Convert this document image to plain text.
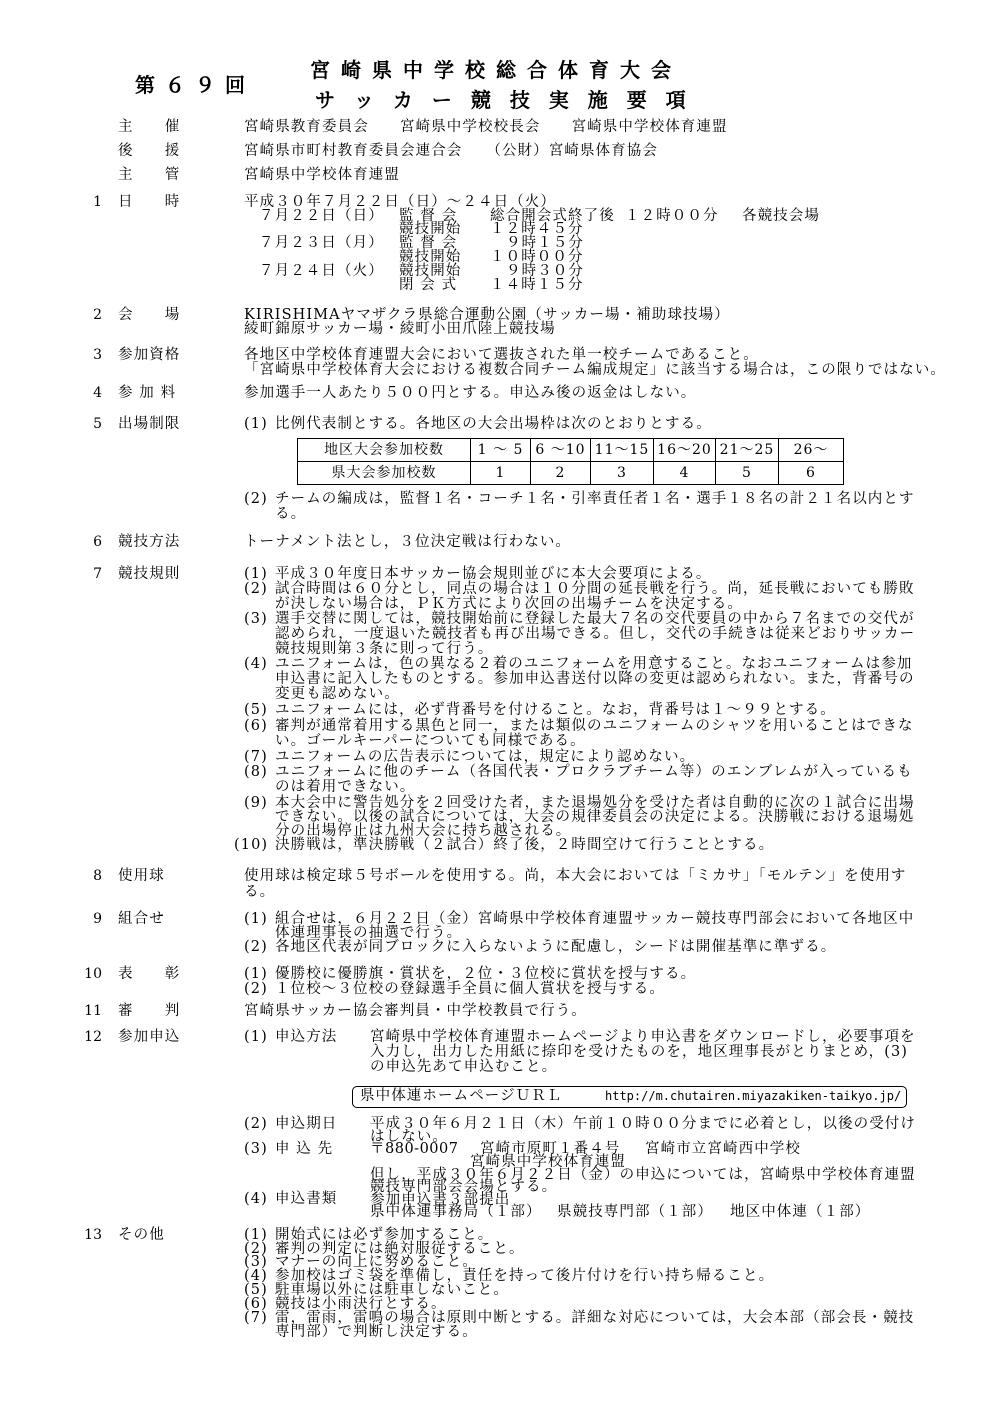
第６９回
宮崎県中学校総合体育大会
サ ッ カ ー 競 技 実 施 要 項
主　　催	宮崎県教育委員会　　宮崎県中学校校長会　　宮崎県中学校体育連盟
後　　援	宮崎県市町村教育委員会連合会　　（公財）宮崎県体育協会
主　　管	宮崎県中学校体育連盟
1 日　　時	平成３０年７月２２日（日）～２４日（火）
７月２２日（日） 監 督 会 総合開会式終了後 １２時００分 各競技会場
競技開始 １２時４５分
７月２３日（月） 監 督 会	９時１５分
競技開始 １０時００分
７月２４日（火） 競技開始	９時３０分
閉 会 式 １４時１５分
2 会　　場	KIRISHIMAヤマザクラ県総合運動公園（サッカー場・補助球技場）
綾町錦原サッカー場・綾町小田爪陸上競技場
3 参加資格	各地区中学校体育連盟大会において選抜された単一校チームであること。
「宮崎県中学校体育大会における複数合同チーム編成規定」に該当する場合は，この限りではない。
4 参 加 料	参加選手一人あたり５００円とする。申込み後の返金はしない。
5 出場制限	(1) 比例代表制とする。各地区の大会出場枠は次のとおりとする。
地区大会参加校数	1 ～ 5	6 ～10	11～15	16～20	21～25	26～
県大会参加校数	1	2	3	4	5	6
(2) チームの編成は，監督１名・コーチ１名・引率責任者１名・選手１８名の計２１名以内とす
る。
6 競技方法	トーナメント法とし，３位決定戦は行わない。
7 競技規則	(1) 平成３０年度日本サッカー協会規則並びに本大会要項による。
(2) 試合時間は６０分とし，同点の場合は１０分間の延長戦を行う。尚，延長戦においても勝敗
が決しない場合は，ＰＫ方式により次回の出場チームを決定する。
(3) 選手交替に関しては，競技開始前に登録した最大７名の交代要員の中から７名までの交代が
認められ，一度退いた競技者も再び出場できる。但し，交代の手続きは従来どおりサッカー
競技規則第３条に則って行う。
(4) ユニフォームは，色の異なる２着のユニフォームを用意すること。なおユニフォームは参加
申込書に記入したものとする。参加申込書送付以降の変更は認められない。また，背番号の
変更も認めない。
(5) ユニフォームには，必ず背番号を付けること。なお，背番号は１～９９とする。
(6) 審判が通常着用する黒色と同一，または類似のユニフォームのシャツを用いることはできな
い。ゴールキーパーについても同様である。
(7) ユニフォームの広告表示については，規定により認めない。
(8) ユニフォームに他のチーム（各国代表・プロクラブチーム等）のエンブレムが入っているも
のは着用できない。
(9) 本大会中に警告処分を２回受けた者，また退場処分を受けた者は自動的に次の１試合に出場
できない。以後の試合については，大会の規律委員会の決定による。決勝戦における退場処
分の出場停止は九州大会に持ち越される。
(10) 決勝戦は，準決勝戦（２試合）終了後，２時間空けて行うこととする。
8 使用球	使用球は検定球５号ボールを使用する。尚，本大会においては「ミカサ」「モルテン」を使用す
る。
9 組合せ	(1) 組合せは，６月２２日（金）宮崎県中学校体育連盟サッカー競技専門部会において各地区中
体連理事長の抽選で行う。
(2) 各地区代表が同ブロックに入らないように配慮し，シードは開催基準に準ずる。
10 表　　彰	(1) 優勝校に優勝旗・賞状を，２位・３位校に賞状を授与する。
(2) １位校～３位校の登録選手全員に個人賞状を授与する。
11 審　　判	宮崎県サッカー協会審判員・中学校教員で行う。
12 参加申込	(1) 申込方法 宮崎県中学校体育連盟ホームページより申込書をダウンロードし，必要事項を
入力し，出力した用紙に捺印を受けたものを，地区理事長がとりまとめ，(3)
の申込先あて申込むこと。
県中体連ホームページＵＲＬ	http://m.chutairen.miyazakiken-taikyo.jp/
(2) 申込期日 平成３０年６月２１日（木）午前１０時００分までに必着とし，以後の受付け
はしない。
(3) 申 込 先	〒880-0007 宮崎市原町１番４号 宮崎市立宮崎西中学校
宮崎県中学校体育連盟
但し，平成３０年６月２２日（金）の申込については，宮崎県中学校体育連盟
競技専門部会会場とする。
(4) 申込書類 参加申込書３部提出
県中体連事務局（１部） 県競技専門部（１部） 地区中体連（１部）
13 その他	(1) 開始式には必ず参加すること。
(2) 審判の判定には絶対服従すること。
(3) マナーの向上に努めること。
(4) 参加校はゴミ袋を準備し，責任を持って後片付けを行い持ち帰ること。
(5) 駐車場以外には駐車しないこと。
(6) 競技は小雨決行とする。
(7) 雷，雷雨，雷鳴の場合は原則中断とする。詳細な対応については，大会本部（部会長・競技
専門部）で判断し決定する。
